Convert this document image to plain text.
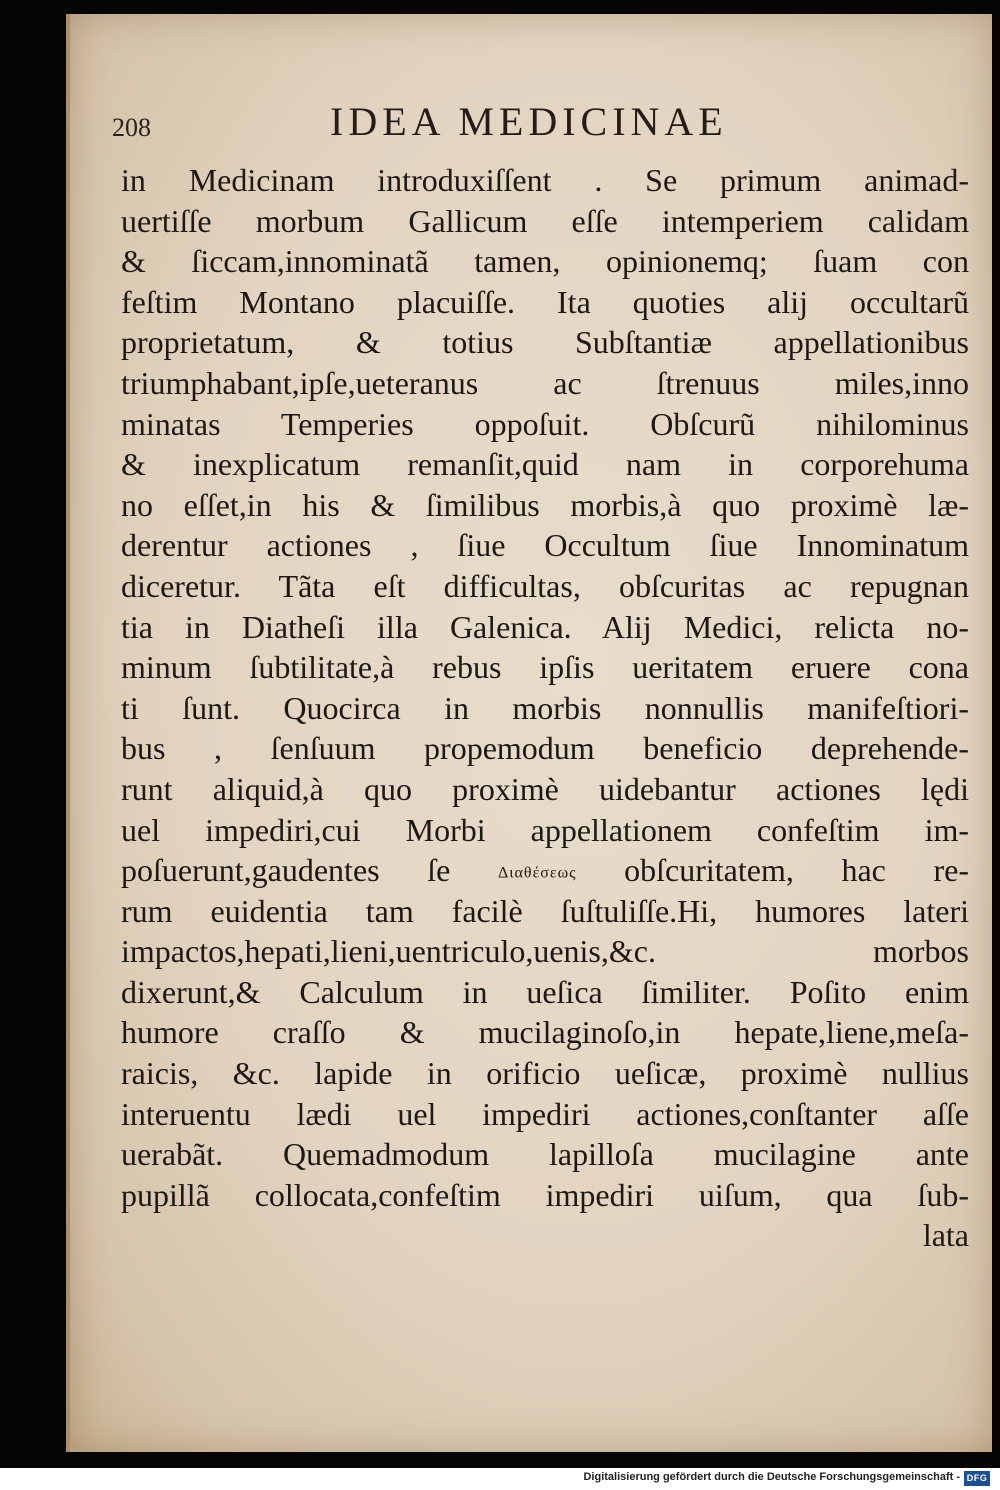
208	IDEA MEDICINAE
in Medicinam introduxiſſent . Se primum animad-
uertiſſe morbum Gallicum eſſe intemperiem calidam
& ſiccam,innominatã tamen, opinionemq; ſuam con
feſtim Montano placuiſſe. Ita quoties alij occultarũ
proprietatum, & totius Subſtantiæ appellationibus
triumphabant,ipſe,ueteranus ac ſtrenuus miles,inno
minatas Temperies oppoſuit. Obſcurũ nihilominus
& inexplicatum remanſit,quid nam in corporehuma
no eſſet,in his & ſimilibus morbis,à quo proximè læ-
derentur actiones , ſiue Occultum ſiue Innominatum
diceretur. Tãta eſt difficultas, obſcuritas ac repugnan
tia in Diatheſi illa Galenica. Alij Medici, relicta no-
minum ſubtilitate,à rebus ipſis ueritatem eruere cona
ti ſunt. Quocirca in morbis nonnullis manifeſtiori-
bus , ſenſuum propemodum beneficio deprehende-
runt aliquid,à quo proximè uidebantur actiones lędi
uel impediri,cui Morbi appellationem confeſtim im-
poſuerunt,gaudentes ſe Διαθέσεως obſcuritatem, hac re-
rum euidentia tam facilè ſuſtuliſſe.Hi, humores lateri
impactos,hepati,lieni,uentriculo,uenis,&c. morbos
dixerunt,& Calculum in ueſica ſimiliter. Poſito enim
humore craſſo & mucilaginoſo,in hepate,liene,meſa-
raicis, &c. lapide in orificio ueſicæ, proximè nullius
interuentu lædi uel impediri actiones,conſtanter aſſe
uerabãt. Quemadmodum lapilloſa mucilagine ante
pupillã collocata,confeſtim impediri uiſum, qua ſub-
lata
Digitalisierung gefördert durch die Deutsche Forschungsgemeinschaft - DFG
